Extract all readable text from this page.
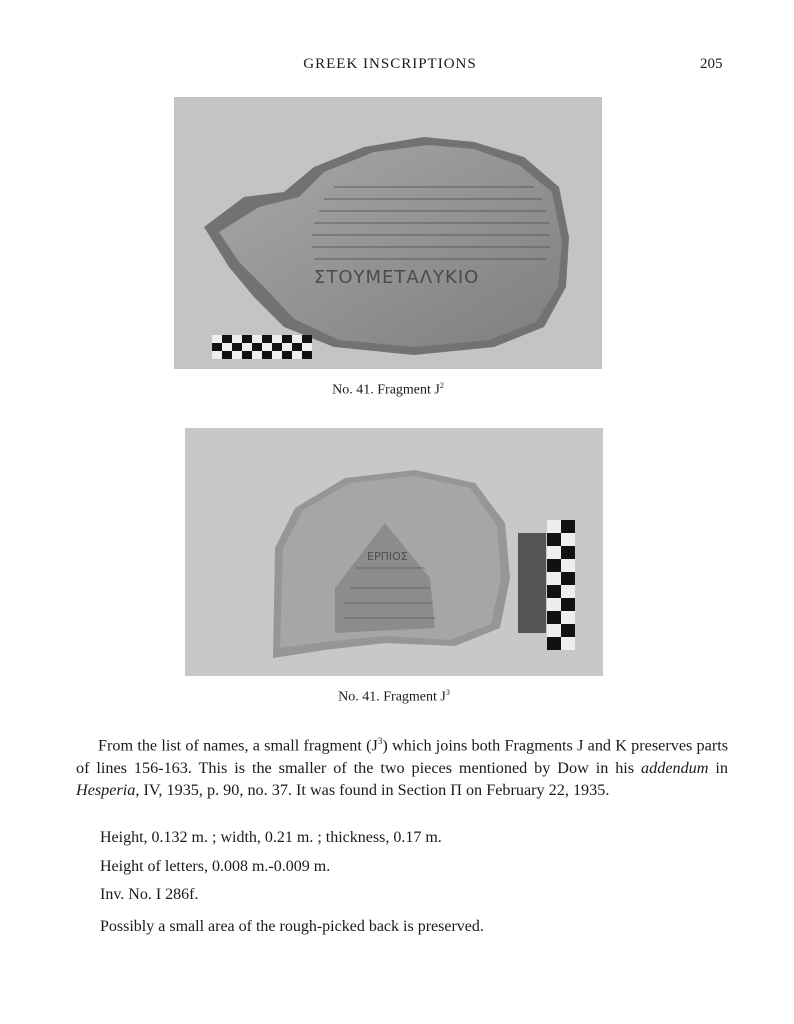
GREEK INSCRIPTIONS	205
ΣΤΟΥΜΕΤΑΛΥΚΙΟ
No. 41. Fragment $J^2$
ΕΡΠΙΟΣ
No. 41. Fragment $J^3$
From the list of names, a small fragment $(J^3)$ which joins both Fragments J and K preserves parts of lines 156-163. This is the smaller of the two pieces mentioned by Dow in his addendum in Hesperia, IV, 1935, p. 90, no. 37. It was found in Section Π on February 22, 1935.
Height, 0.132 m. ; width, 0.21 m. ; thickness, 0.17 m.
Height of letters, 0.008 m.-0.009 m.
Inv. No. I 286f.
Possibly a small area of the rough-picked back is preserved.
